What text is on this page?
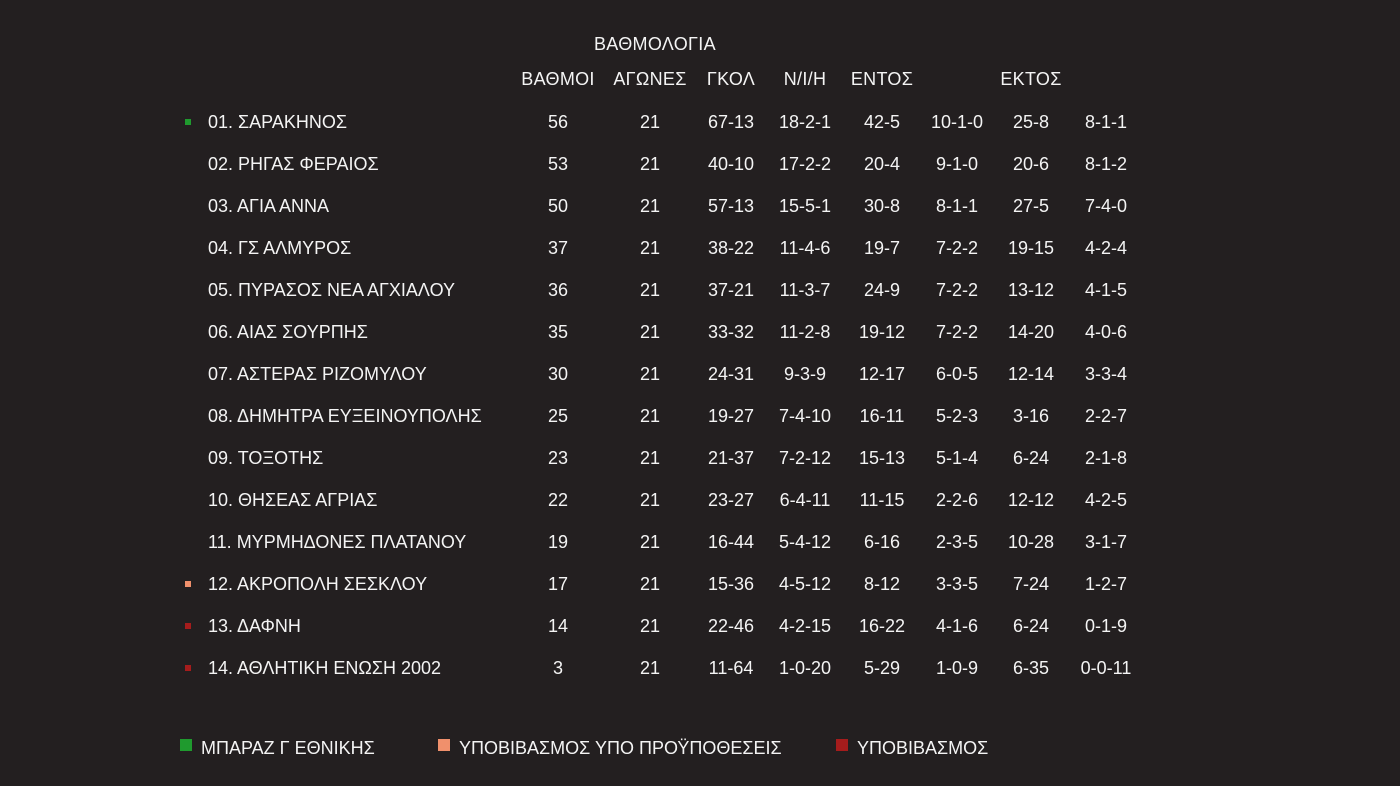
ΒΑΘΜΟΛΟΓΙΑ
ΒΑΘΜΟΙ ΑΓΩΝΕΣ ΓΚΟΛ Ν/Ι/Η ΕΝΤΟΣ	ΕΚΤΟΣ
01. ΣΑΡΑΚΗΝΟΣ	56	21	67-13 18-2-1 42-5 10-1-0 25-8 8-1-1
02. ΡΗΓΑΣ ΦΕΡΑΙΟΣ	53	21	40-10 17-2-2 20-4 9-1-0 20-6 8-1-2
03. ΑΓΙΑ ΑΝΝΑ	50	21	57-13 15-5-1 30-8 8-1-1 27-5 7-4-0
04. ΓΣ ΑΛΜΥΡΟΣ	37	21	38-22 11-4-6 19-7 7-2-2 19-15 4-2-4
05. ΠΥΡΑΣΟΣ ΝΕΑ ΑΓΧΙΑΛΟΥ	36	21	37-21 11-3-7 24-9 7-2-2 13-12 4-1-5
06. ΑΙΑΣ ΣΟΥΡΠΗΣ	35	21	33-32 11-2-8 19-12 7-2-2 14-20 4-0-6
07. ΑΣΤΕΡΑΣ ΡΙΖΟΜΥΛΟΥ	30	21	24-31 9-3-9 12-17 6-0-5 12-14 3-3-4
08. ΔΗΜΗΤΡΑ ΕΥΞΕΙΝΟΥΠΟΛΗΣ	25	21	19-27 7-4-10 16-11 5-2-3 3-16 2-2-7
09. ΤΟΞΟΤΗΣ	23	21	21-37 7-2-12 15-13 5-1-4 6-24 2-1-8
10. ΘΗΣΕΑΣ ΑΓΡΙΑΣ	22	21	23-27 6-4-11 11-15 2-2-6 12-12 4-2-5
11. ΜΥΡΜΗΔΟΝΕΣ ΠΛΑΤΑΝΟΥ	19	21	16-44 5-4-12 6-16 2-3-5 10-28 3-1-7
12. ΑΚΡΟΠΟΛΗ ΣΕΣΚΛΟΥ	17	21	15-36 4-5-12 8-12 3-3-5 7-24 1-2-7
13. ΔΑΦΝΗ	14	21	22-46 4-2-15 16-22 4-1-6 6-24 0-1-9
14. ΑΘΛΗΤΙΚΗ ΕΝΩΣΗ 2002	3	21	11-64 1-0-20 5-29 1-0-9 6-35 0-0-11
ΜΠΑΡΑΖ Γ ΕΘΝΙΚΗΣ	ΥΠΟΒΙΒΑΣΜΟΣ ΥΠΟ ΠΡΟΫΠΟΘΕΣΕΙΣ	ΥΠΟΒΙΒΑΣΜΟΣ
